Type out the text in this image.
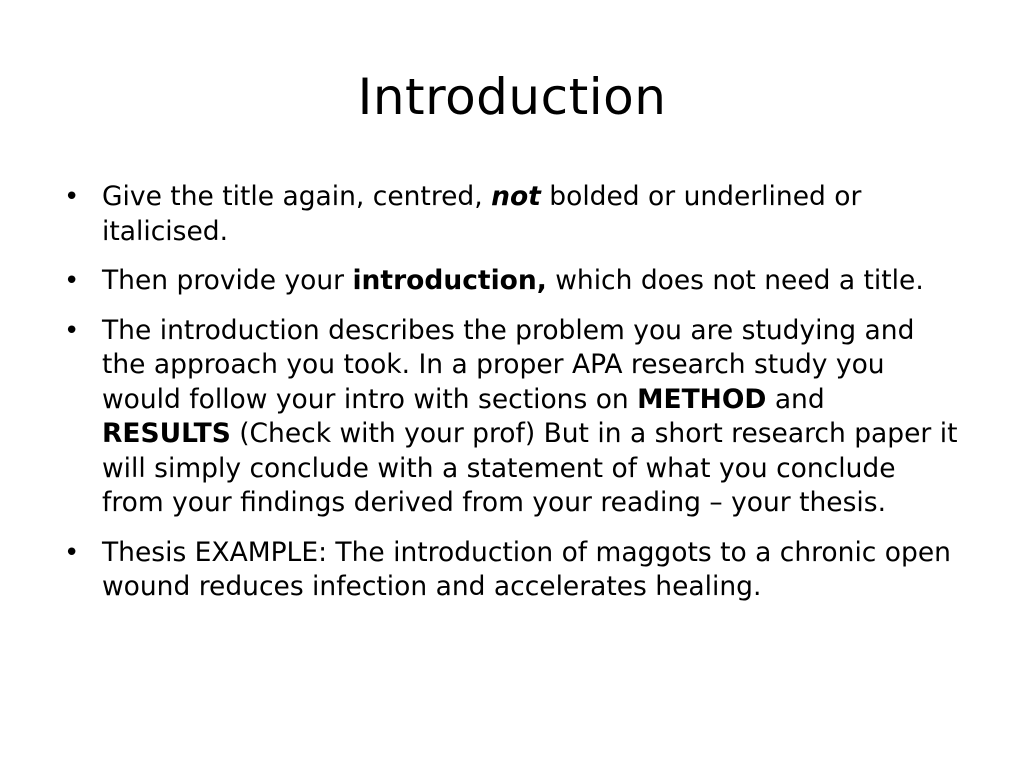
Introduction
• Give the title again, centred, not bolded or underlined or italicised.
• Then provide your introduction, which does not need a title.
• The introduction describes the problem you are studying and the approach you took. In a proper APA research study you would follow your intro with sections on METHOD and RESULTS (Check with your prof) But in a short research paper it will simply conclude with a statement of what you conclude from your findings derived from your reading – your thesis.
• Thesis EXAMPLE: The introduction of maggots to a chronic open wound reduces infection and accelerates healing.
